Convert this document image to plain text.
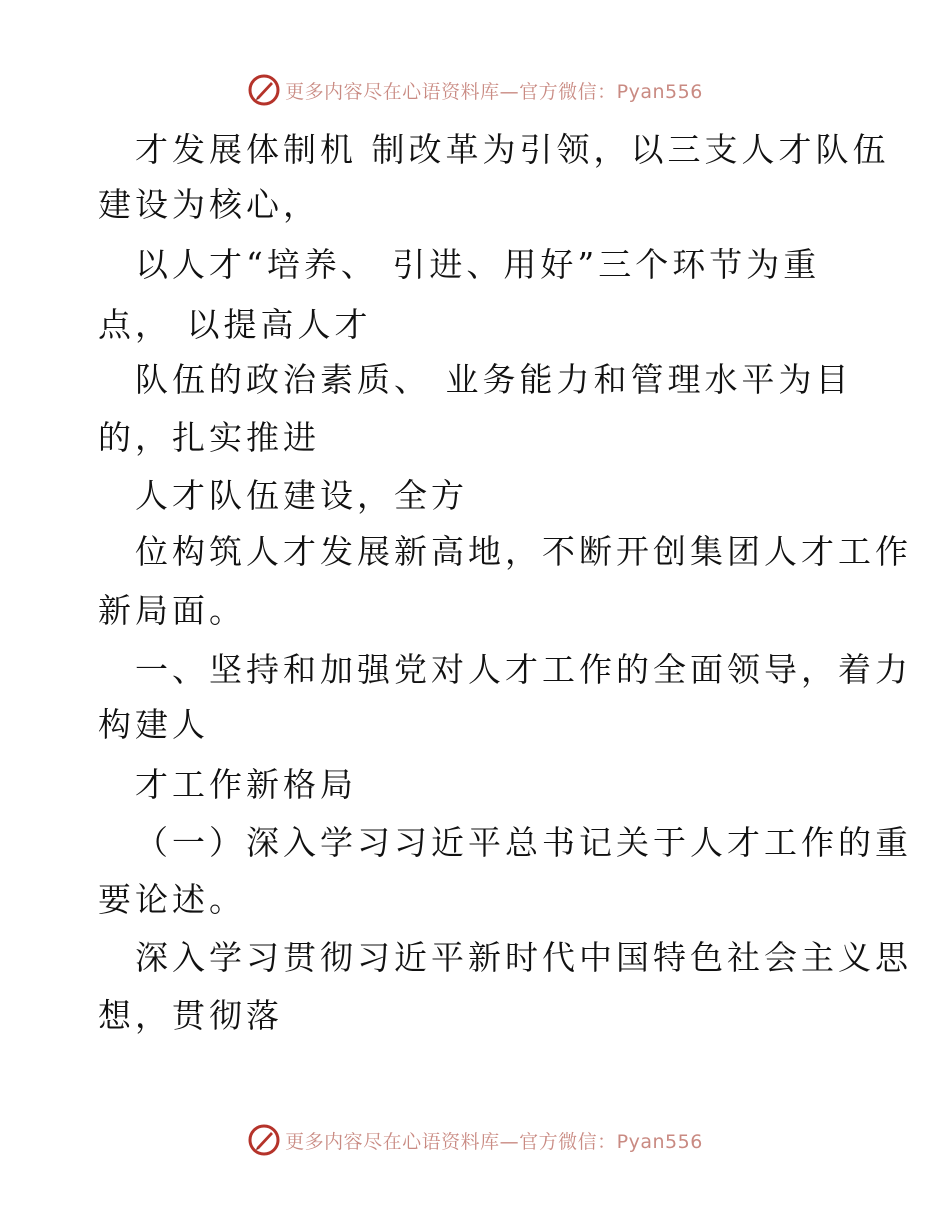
更多内容尽在心语资料库—官方微信：Pyan556
才发展体制机 制改革为引领，以三支人才队伍
建设为核心，
以人才“培养、 引进、用好”三个环节为重
点， 以提高人才
队伍的政治素质、 业务能力和管理水平为目
的，扎实推进
人才队伍建设，全方
位构筑人才发展新高地，不断开创集团人才工作
新局面。
一、坚持和加强党对人才工作的全面领导，着力
构建人
才工作新格局
（一）深入学习习近平总书记关于人才工作的重
要论述。
深入学习贯彻习近平新时代中国特色社会主义思
想，贯彻落
更多内容尽在心语资料库—官方微信：Pyan556
